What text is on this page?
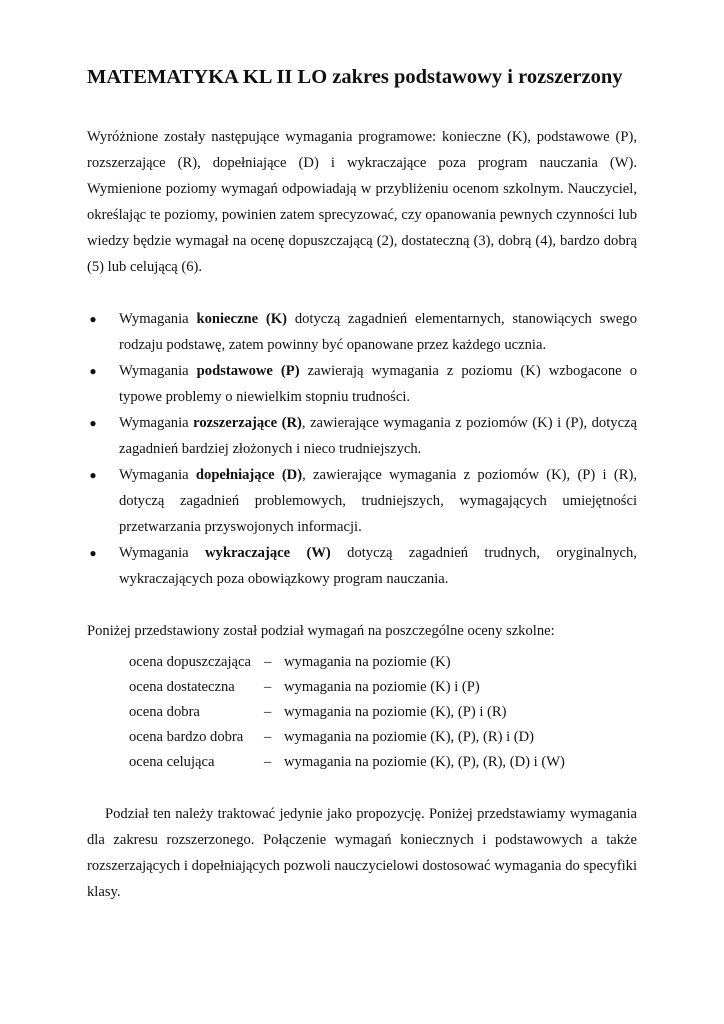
MATEMATYKA KL II LO zakres podstawowy i rozszerzony

Wyróżnione zostały następujące wymagania programowe: konieczne (K), podstawowe (P), rozszerzające (R), dopełniające (D) i wykraczające poza program nauczania (W). Wymienione poziomy wymagań odpowiadają w przybliżeniu ocenom szkolnym. Nauczyciel, określając te poziomy, powinien zatem sprecyzować, czy opanowania pewnych czynności lub wiedzy będzie wymagał na ocenę dopuszczającą (2), dostateczną (3), dobrą (4), bardzo dobrą (5) lub celującą (6).

● Wymagania konieczne (K) dotyczą zagadnień elementarnych, stanowiących swego rodzaju podstawę, zatem powinny być opanowane przez każdego ucznia.
● Wymagania podstawowe (P) zawierają wymagania z poziomu (K) wzbogacone o typowe problemy o niewielkim stopniu trudności.
● Wymagania rozszerzające (R), zawierające wymagania z poziomów (K) i (P), dotyczą zagadnień bardziej złożonych i nieco trudniejszych.
● Wymagania dopełniające (D), zawierające wymagania z poziomów (K), (P) i (R), dotyczą zagadnień problemowych, trudniejszych, wymagających umiejętności przetwarzania przyswojonych informacji.
● Wymagania wykraczające (W) dotyczą zagadnień trudnych, oryginalnych, wykraczających poza obowiązkowy program nauczania.

Poniżej przedstawiony został podział wymagań na poszczególne oceny szkolne:

ocena dopuszczająca	–	wymagania na poziomie (K)
ocena dostateczna	–	wymagania na poziomie (K) i (P)
ocena dobra	–	wymagania na poziomie (K), (P) i (R)
ocena bardzo dobra	–	wymagania na poziomie (K), (P), (R) i (D)
ocena celująca	–	wymagania na poziomie (K), (P), (R), (D) i (W)

Podział ten należy traktować jedynie jako propozycję. Poniżej przedstawiamy wymagania dla zakresu rozszerzonego. Połączenie wymagań koniecznych i podstawowych a także rozszerzających i dopełniających pozwoli nauczycielowi dostosować wymagania do specyfiki klasy.
